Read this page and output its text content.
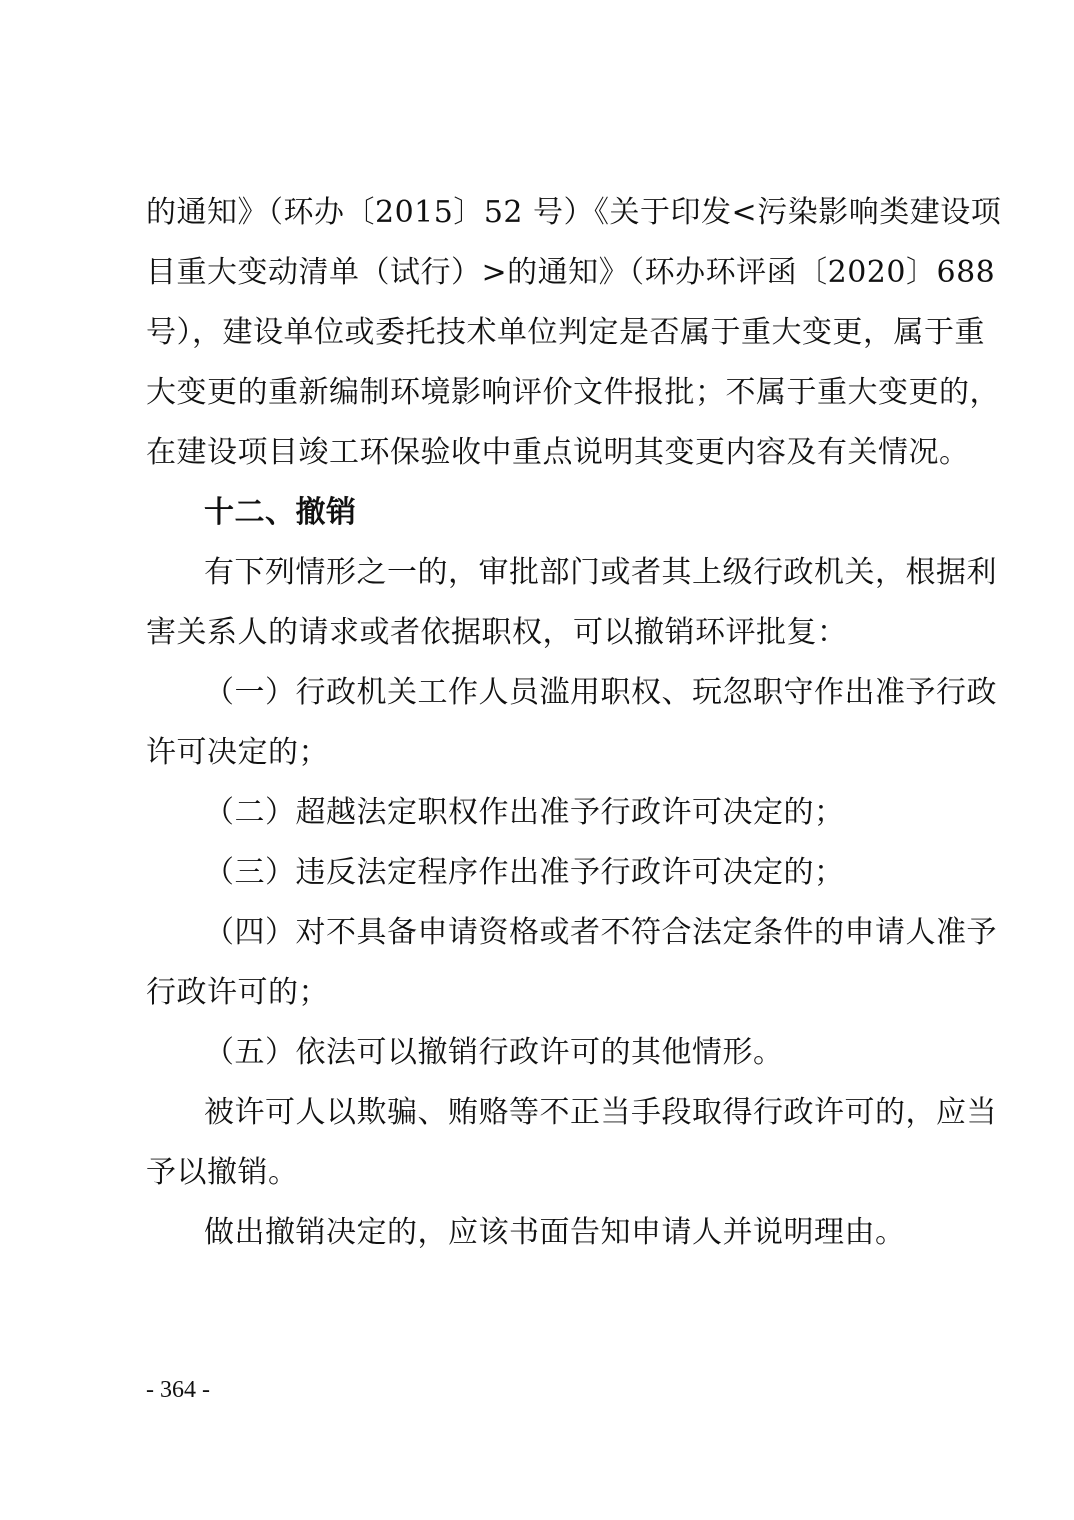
的通知》（环办〔2015〕52 号）《关于印发<污染影响类建设项
目重大变动清单（试行）>的通知》（环办环评函〔2020〕688
号），建设单位或委托技术单位判定是否属于重大变更，属于重
大变更的重新编制环境影响评价文件报批；不属于重大变更的，
在建设项目竣工环保验收中重点说明其变更内容及有关情况。
十二、撤销
有下列情形之一的，审批部门或者其上级行政机关，根据利
害关系人的请求或者依据职权，可以撤销环评批复：
（一）行政机关工作人员滥用职权、玩忽职守作出准予行政
许可决定的；
（二）超越法定职权作出准予行政许可决定的；
（三）违反法定程序作出准予行政许可决定的；
（四）对不具备申请资格或者不符合法定条件的申请人准予
行政许可的；
（五）依法可以撤销行政许可的其他情形。
被许可人以欺骗、贿赂等不正当手段取得行政许可的，应当
予以撤销。
做出撤销决定的，应该书面告知申请人并说明理由。
- 364 -
